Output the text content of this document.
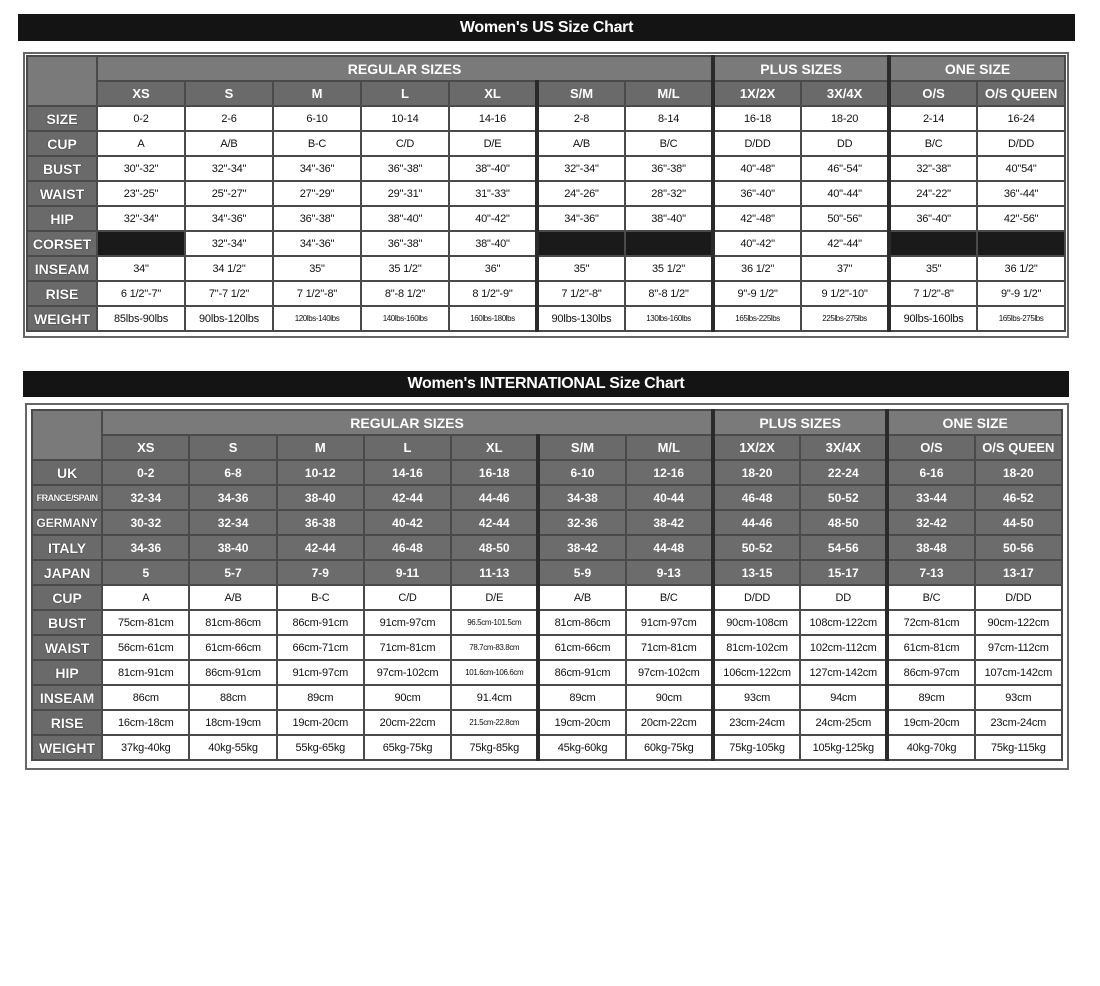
Women's US Size Chart
	REGULAR SIZES							PLUS SIZES		ONE SIZE	
	XS	S	M	L	XL	S/M	M/L	1X/2X	3X/4X	O/S	O/S QUEEN
SIZE	0-2	2-6	6-10	10-14	14-16	2-8	8-14	16-18	18-20	2-14	16-24
CUP	A	A/B	B-C	C/D	D/E	A/B	B/C	D/DD	DD	B/C	D/DD
BUST	30"-32"	32"-34"	34"-36"	36"-38"	38"-40"	32"-34"	36"-38"	40"-48"	46"-54"	32"-38"	40"54"
WAIST	23"-25"	25"-27"	27"-29"	29"-31"	31"-33"	24"-26"	28"-32"	36"-40"	40"-44"	24"-22"	36"-44"
HIP	32"-34"	34"-36"	36"-38"	38"-40"	40"-42"	34"-36"	38"-40"	42"-48"	50"-56"	36"-40"	42"-56"
CORSET		32"-34"	34"-36"	36"-38"	38"-40"			40"-42"	42"-44"		
INSEAM	34"	34 1/2"	35"	35 1/2"	36"	35"	35 1/2"	36 1/2"	37"	35"	36 1/2"
RISE	6 1/2"-7"	7"-7 1/2"	7 1/2"-8"	8"-8 1/2"	8 1/2"-9"	7 1/2"-8"	8"-8 1/2"	9"-9 1/2"	9 1/2"-10"	7 1/2"-8"	9"-9 1/2"
WEIGHT	85lbs-90lbs	90lbs-120lbs	120lbs-140lbs	140lbs-160lbs	160lbs-180lbs	90lbs-130lbs	130lbs-160lbs	165lbs-225lbs	225lbs-275lbs	90lbs-160lbs	165lbs-275lbs
Women's INTERNATIONAL Size Chart
	REGULAR SIZES							PLUS SIZES		ONE SIZE	
	XS	S	M	L	XL	S/M	M/L	1X/2X	3X/4X	O/S	O/S QUEEN
UK	0-2	6-8	10-12	14-16	16-18	6-10	12-16	18-20	22-24	6-16	18-20
FRANCE/SPAIN	32-34	34-36	38-40	42-44	44-46	34-38	40-44	46-48	50-52	33-44	46-52
GERMANY	30-32	32-34	36-38	40-42	42-44	32-36	38-42	44-46	48-50	32-42	44-50
ITALY	34-36	38-40	42-44	46-48	48-50	38-42	44-48	50-52	54-56	38-48	50-56
JAPAN	5	5-7	7-9	9-11	11-13	5-9	9-13	13-15	15-17	7-13	13-17
CUP	A	A/B	B-C	C/D	D/E	A/B	B/C	D/DD	DD	B/C	D/DD
BUST	75cm-81cm	81cm-86cm	86cm-91cm	91cm-97cm	96.5cm-101.5cm	81cm-86cm	91cm-97cm	90cm-108cm	108cm-122cm	72cm-81cm	90cm-122cm
WAIST	56cm-61cm	61cm-66cm	66cm-71cm	71cm-81cm	78.7cm-83.8cm	61cm-66cm	71cm-81cm	81cm-102cm	102cm-112cm	61cm-81cm	97cm-112cm
HIP	81cm-91cm	86cm-91cm	91cm-97cm	97cm-102cm	101.6cm-106.6cm	86cm-91cm	97cm-102cm	106cm-122cm	127cm-142cm	86cm-97cm	107cm-142cm
INSEAM	86cm	88cm	89cm	90cm	91.4cm	89cm	90cm	93cm	94cm	89cm	93cm
RISE	16cm-18cm	18cm-19cm	19cm-20cm	20cm-22cm	21.5cm-22.8cm	19cm-20cm	20cm-22cm	23cm-24cm	24cm-25cm	19cm-20cm	23cm-24cm
WEIGHT	37kg-40kg	40kg-55kg	55kg-65kg	65kg-75kg	75kg-85kg	45kg-60kg	60kg-75kg	75kg-105kg	105kg-125kg	40kg-70kg	75kg-115kg
